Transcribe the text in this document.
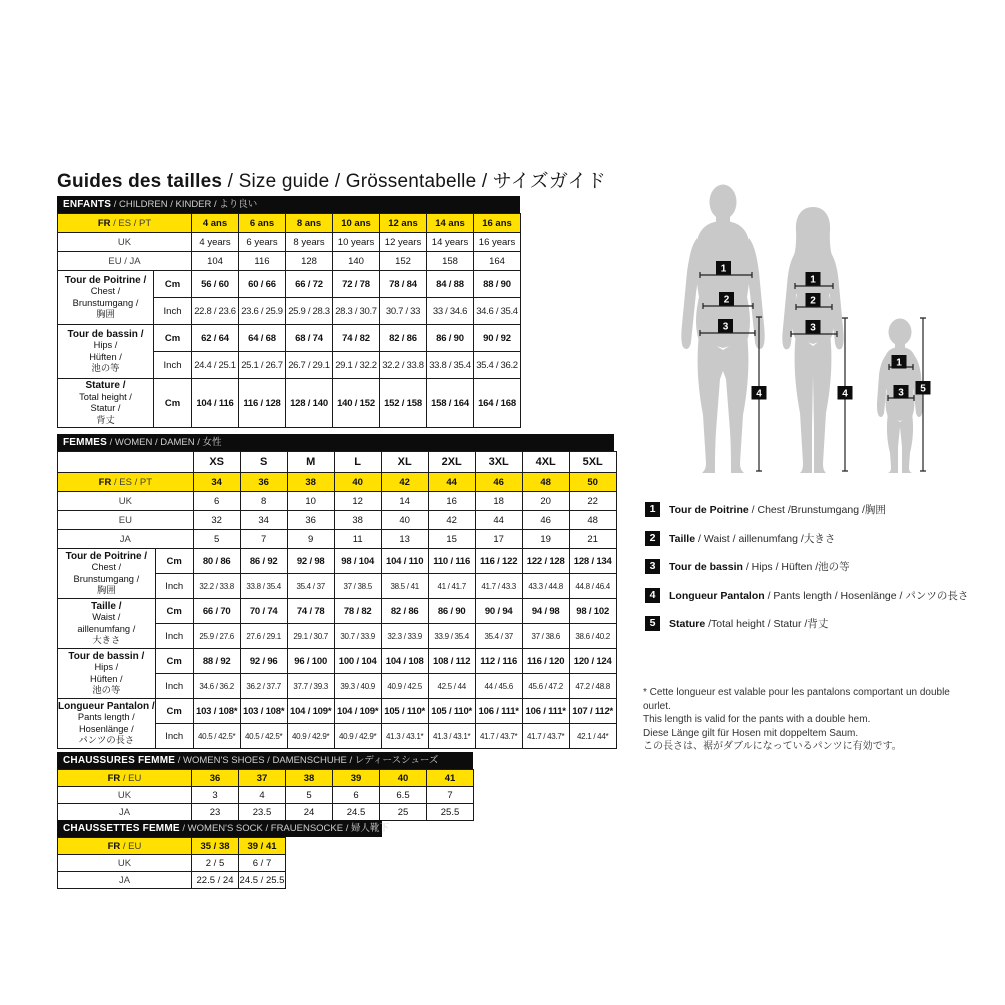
Guides des tailles / Size guide / Grössentabelle / サイズガイド
ENFANTS / CHILDREN / KINDER / より良い
FR / ES / PT		4 ans	6 ans	8 ans	10 ans	12 ans	14 ans	16 ans
UK		4 years	6 years	8 years	10 years	12 years	14 years	16 years
EU / JA		104	116	128	140	152	158	164

Tour de Poitrine /
Chest /
Brunstumgang /
胸囲	Cm	56 / 60	60 / 66	66 / 72	72 / 78	78 / 84	84 / 88	88 / 90
	Inch	22.8 / 23.6	23.6 / 25.9	25.9 / 28.3	28.3 / 30.7	30.7 / 33	33 / 34.6	34.6 / 35.4

Tour de bassin /
Hips /
Hüften /
池の等	Cm	62 / 64	64 / 68	68 / 74	74 / 82	82 / 86	86 / 90	90 / 92
	Inch	24.4 / 25.1	25.1 / 26.7	26.7 / 29.1	29.1 / 32.2	32.2 / 33.8	33.8 / 35.4	35.4 / 36.2

Stature /
Total height /
Statur /
背丈	Cm	104 / 116	116 / 128	128 / 140	140 / 152	152 / 158	158 / 164	164 / 168
FEMMES / WOMEN / DAMEN / 女性
		XS	S	M	L	XL	2XL	3XL	4XL	5XL
FR / ES / PT		34	36	38	40	42	44	46	48	50
UK		6	8	10	12	14	16	18	20	22
EU		32	34	36	38	40	42	44	46	48
JA		5	7	9	11	13	15	17	19	21

Tour de Poitrine /
Chest /
Brunstumgang /
胸囲	Cm	80 / 86	86 / 92	92 / 98	98 / 104	104 / 110	110 / 116	116 / 122	122 / 128	128 / 134
	Inch	32.2 / 33.8	33.8 / 35.4	35.4 / 37	37 / 38.5	38.5 / 41	41 / 41.7	41.7 / 43.3	43.3 / 44.8	44.8 / 46.4

Taille /
Waist /
aillenumfang /
大きさ	Cm	66 / 70	70 / 74	74 / 78	78 / 82	82 / 86	86 / 90	90 / 94	94 / 98	98 / 102
	Inch	25.9 / 27.6	27.6 / 29.1	29.1 / 30.7	30.7 / 33.9	32.3 / 33.9	33.9 / 35.4	35.4 / 37	37 / 38.6	38.6 / 40.2

Tour de bassin /
Hips /
Hüften /
池の等	Cm	88 / 92	92 / 96	96 / 100	100 / 104	104 / 108	108 / 112	112 / 116	116 / 120	120 / 124
	Inch	34.6 / 36.2	36.2 / 37.7	37.7 / 39.3	39.3 / 40.9	40.9 / 42.5	42.5 / 44	44 / 45.6	45.6 / 47.2	47.2 / 48.8

Longueur Pantalon /
Pants length /
Hosenlänge /
パンツの長さ	Cm	103 / 108*	103 / 108*	104 / 109*	104 / 109*	105 / 110*	105 / 110*	106 / 111*	106 / 111*	107 / 112*
	Inch	40.5 / 42.5*	40.5 / 42.5*	40.9 / 42.9*	40.9 / 42.9*	41.3 / 43.1*	41.3 / 43.1*	41.7 / 43.7*	41.7 / 43.7*	42.1 / 44*
CHAUSSURES FEMME / WOMEN'S SHOES / DAMENSCHUHE / レディースシューズ
FR / EU	36	37	38	39	40	41
UK	3	4	5	6	6.5	7
JA	23	23.5	24	24.5	25	25.5
CHAUSSETTES FEMME / WOMEN'S SOCK / FRAUENSOCKE / 婦人靴下
FR / EU	35 / 38	39 / 41
UK	2 / 5	6 / 7
JA	22.5 / 24	24.5 / 25.5
1
2
3
4
1
2
3
4
1
3 5
1	Tour de Poitrine / Chest /Brunstumgang /胸囲
2	Taille / Waist / aillenumfang /大きさ
3	Tour de bassin / Hips / Hüften /池の等
4	Longueur Pantalon / Pants length / Hosenlänge / パンツの長さ
5	Stature /Total height / Statur /背丈
* Cette longueur est valable pour les pantalons comportant un double ourlet.
This length is valid for the pants with a double hem.
Diese Länge gilt für Hosen mit doppeltem Saum.
この長さは、裾がダブルになっているパンツに有効です。
